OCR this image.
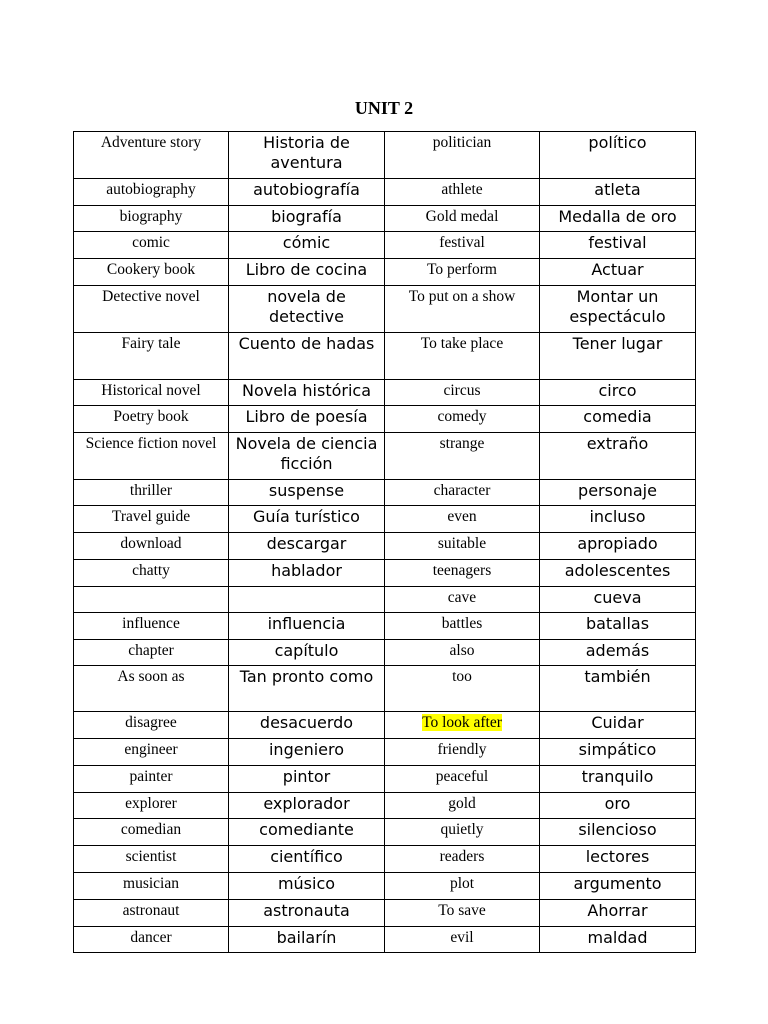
UNIT 2
Adventure story	Historia de aventura	politician	político
autobiography	autobiografía	athlete	atleta
biography	biografía	Gold medal	Medalla de oro
comic	cómic	festival	festival
Cookery book	Libro de cocina	To perform	Actuar
Detective novel	novela de detective	To put on a show	Montar un espectáculo
Fairy tale	Cuento de hadas	To take place	Tener lugar
Historical novel	Novela histórica	circus	circo
Poetry book	Libro de poesía	comedy	comedia
Science fiction novel	Novela de ciencia ficción	strange	extraño
thriller	suspense	character	personaje
Travel guide	Guía turístico	even	incluso
download	descargar	suitable	apropiado
chatty	hablador	teenagers	adolescentes
		cave	cueva
influence	influencia	battles	batallas
chapter	capítulo	also	además
As soon as	Tan pronto como	too	también
disagree	desacuerdo	To look after	Cuidar
engineer	ingeniero	friendly	simpático
painter	pintor	peaceful	tranquilo
explorer	explorador	gold	oro
comedian	comediante	quietly	silencioso
scientist	científico	readers	lectores
musician	músico	plot	argumento
astronaut	astronauta	To save	Ahorrar
dancer	bailarín	evil	maldad
